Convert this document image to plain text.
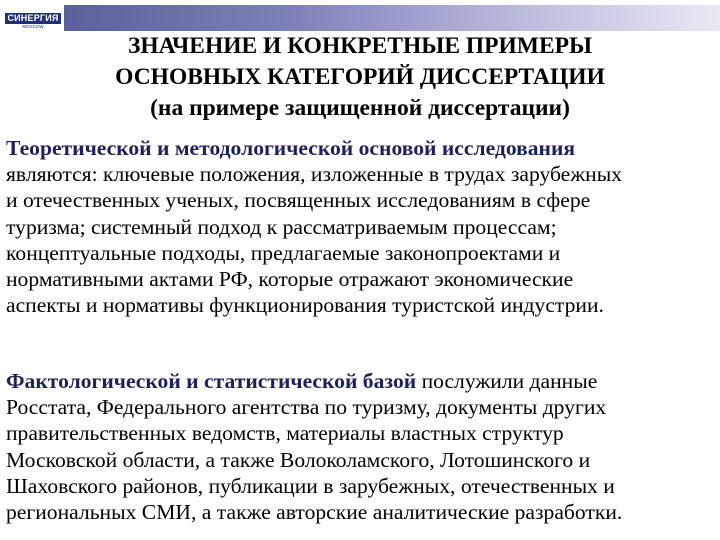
СИНЕРГИЯ
MOSCOW
ЗНАЧЕНИЕ И КОНКРЕТНЫЕ ПРИМЕРЫ
ОСНОВНЫХ КАТЕГОРИЙ ДИССЕРТАЦИИ
(на примере защищенной диссертации)
Теоретической и методологической основой исследования
являются: ключевые положения, изложенные в трудах зарубежных
и отечественных ученых, посвященных исследованиям в сфере
туризма; системный подход к рассматриваемым процессам;
концептуальные подходы, предлагаемые законопроектами и
нормативными актами РФ, которые отражают экономические
аспекты и нормативы функционирования туристской индустрии.
Фактологической и статистической базой послужили данные
Росстата, Федерального агентства по туризму, документы других
правительственных ведомств, материалы властных структур
Московской области, а также Волоколамского, Лотошинского и
Шаховского районов, публикации в зарубежных, отечественных и
региональных СМИ, а также авторские аналитические разработки.
